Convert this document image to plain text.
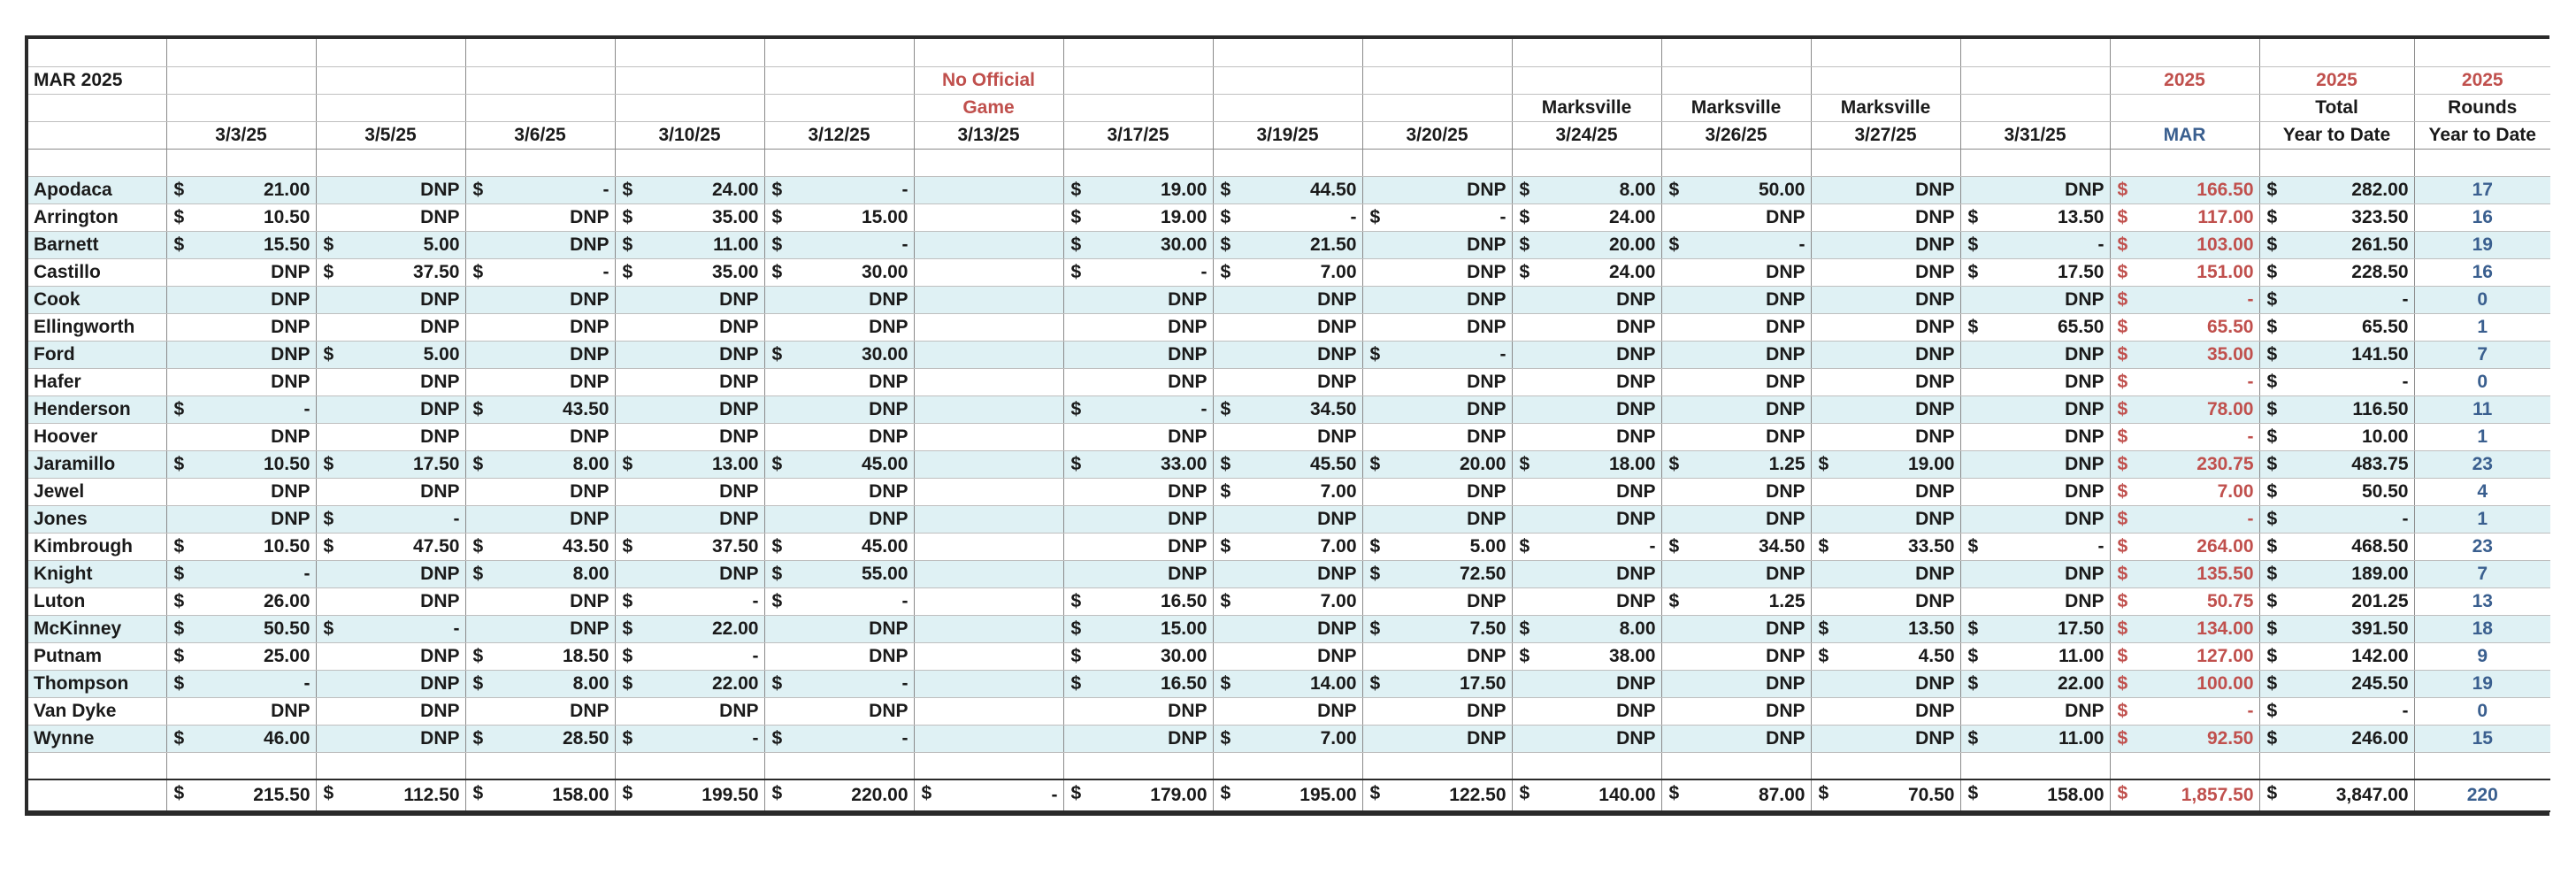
MAR 2025						No Official								2025	2025	2025
						Game				Marksville	Marksville	Marksville			Total	Rounds
	3/3/25	3/5/25	3/6/25	3/10/25	3/12/25	3/13/25	3/17/25	3/19/25	3/20/25	3/24/25	3/26/25	3/27/25	3/31/25	MAR	Year to Date	Year to Date

Apodaca	$ 21.00	DNP	$ -	$ 24.00	$ -		$ 19.00	$ 44.50	DNP	$ 8.00	$ 50.00	DNP	DNP	$ 166.50	$ 282.00	17
Arrington	$ 10.50	DNP	DNP	$ 35.00	$ 15.00		$ 19.00	$ -	$ -	$ 24.00	DNP	DNP	$ 13.50	$ 117.00	$ 323.50	16
Barnett	$ 15.50	$ 5.00	DNP	$ 11.00	$ -		$ 30.00	$ 21.50	DNP	$ 20.00	$ -	DNP	$ -	$ 103.00	$ 261.50	19
Castillo	DNP	$ 37.50	$ -	$ 35.00	$ 30.00		$ -	$ 7.00	DNP	$ 24.00	DNP	DNP	$ 17.50	$ 151.00	$ 228.50	16
Cook	DNP	DNP	DNP	DNP	DNP		DNP	DNP	DNP	DNP	DNP	DNP	DNP	$ -	$ -	0
Ellingworth	DNP	DNP	DNP	DNP	DNP		DNP	DNP	DNP	DNP	DNP	DNP	$ 65.50	$ 65.50	$ 65.50	1
Ford	DNP	$ 5.00	DNP	DNP	$ 30.00		DNP	DNP	$ -	DNP	DNP	DNP	DNP	$ 35.00	$ 141.50	7
Hafer	DNP	DNP	DNP	DNP	DNP		DNP	DNP	DNP	DNP	DNP	DNP	DNP	$ -	$ -	0
Henderson	$ -	DNP	$ 43.50	DNP	DNP		$ -	$ 34.50	DNP	DNP	DNP	DNP	DNP	$ 78.00	$ 116.50	11
Hoover	DNP	DNP	DNP	DNP	DNP		DNP	DNP	DNP	DNP	DNP	DNP	DNP	$ -	$ 10.00	1
Jaramillo	$ 10.50	$ 17.50	$ 8.00	$ 13.00	$ 45.00		$ 33.00	$ 45.50	$ 20.00	$ 18.00	$ 1.25	$ 19.00	DNP	$ 230.75	$ 483.75	23
Jewel	DNP	DNP	DNP	DNP	DNP		DNP	$ 7.00	DNP	DNP	DNP	DNP	DNP	$ 7.00	$ 50.50	4
Jones	DNP	$ -	DNP	DNP	DNP		DNP	DNP	DNP	DNP	DNP	DNP	DNP	$ -	$ -	1
Kimbrough	$ 10.50	$ 47.50	$ 43.50	$ 37.50	$ 45.00		DNP	$ 7.00	$ 5.00	$ -	$ 34.50	$ 33.50	$ -	$ 264.00	$ 468.50	23
Knight	$ -	DNP	$ 8.00	DNP	$ 55.00		DNP	DNP	$ 72.50	DNP	DNP	DNP	DNP	$ 135.50	$ 189.00	7
Luton	$ 26.00	DNP	DNP	$ -	$ -		$ 16.50	$ 7.00	DNP	DNP	$ 1.25	DNP	DNP	$ 50.75	$ 201.25	13
McKinney	$ 50.50	$ -	DNP	$ 22.00	DNP		$ 15.00	DNP	$ 7.50	$ 8.00	DNP	$ 13.50	$ 17.50	$ 134.00	$ 391.50	18
Putnam	$ 25.00	DNP	$ 18.50	$ -	DNP		$ 30.00	DNP	DNP	$ 38.00	DNP	$ 4.50	$ 11.00	$ 127.00	$ 142.00	9
Thompson	$ -	DNP	$ 8.00	$ 22.00	$ -		$ 16.50	$ 14.00	$ 17.50	DNP	DNP	DNP	$ 22.00	$ 100.00	$ 245.50	19
Van Dyke	DNP	DNP	DNP	DNP	DNP		DNP	DNP	DNP	DNP	DNP	DNP	DNP	$ -	$ -	0
Wynne	$ 46.00	DNP	$ 28.50	$ -	$ -		DNP	$ 7.00	DNP	DNP	DNP	DNP	$ 11.00	$ 92.50	$ 246.00	15

	$ 215.50	$ 112.50	$ 158.00	$ 199.50	$ 220.00	$ -	$ 179.00	$ 195.00	$ 122.50	$ 140.00	$ 87.00	$ 70.50	$ 158.00	$ 1,857.50	$ 3,847.00	220
